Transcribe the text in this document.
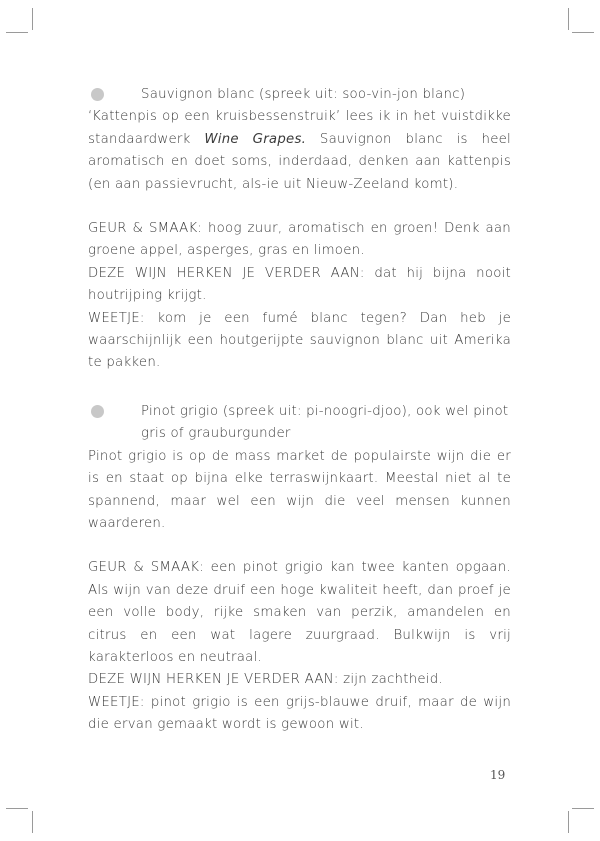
Sauvignon blanc (spreek uit: soo-vin-jon blanc)

‘Kattenpis op een kruisbessenstruik’ lees ik in het vuistdikke standaardwerk Wine Grapes. Sauvignon blanc is heel aromatisch en doet soms, inderdaad, denken aan kattenpis (en aan passievrucht, als-ie uit Nieuw-Zeeland komt).

GEUR & SMAAK: hoog zuur, aromatisch en groen! Denk aan groene appel, asperges, gras en limoen.

DEZE WIJN HERKEN JE VERDER AAN: dat hij bijna nooit houtrijping krijgt.

WEETJE: kom je een fumé blanc tegen? Dan heb je waarschijnlijk een houtgerijpte sauvignon blanc uit Amerika te pakken.

Pinot grigio (spreek uit: pi-noogri-djoo), ook wel pinot gris of grauburgunder

Pinot grigio is op de mass market de populairste wijn die er is en staat op bijna elke terraswijnkaart. Meestal niet al te spannend, maar wel een wijn die veel mensen kunnen waarderen.

GEUR & SMAAK: een pinot grigio kan twee kanten opgaan. Als wijn van deze druif een hoge kwaliteit heeft, dan proef je een volle body, rijke smaken van perzik, amandelen en citrus en een wat lagere zuurgraad. Bulkwijn is vrij karakterloos en neutraal.

DEZE WIJN HERKEN JE VERDER AAN: zijn zachtheid.

WEETJE: pinot grigio is een grijs-blauwe druif, maar de wijn die ervan gemaakt wordt is gewoon wit.

19
